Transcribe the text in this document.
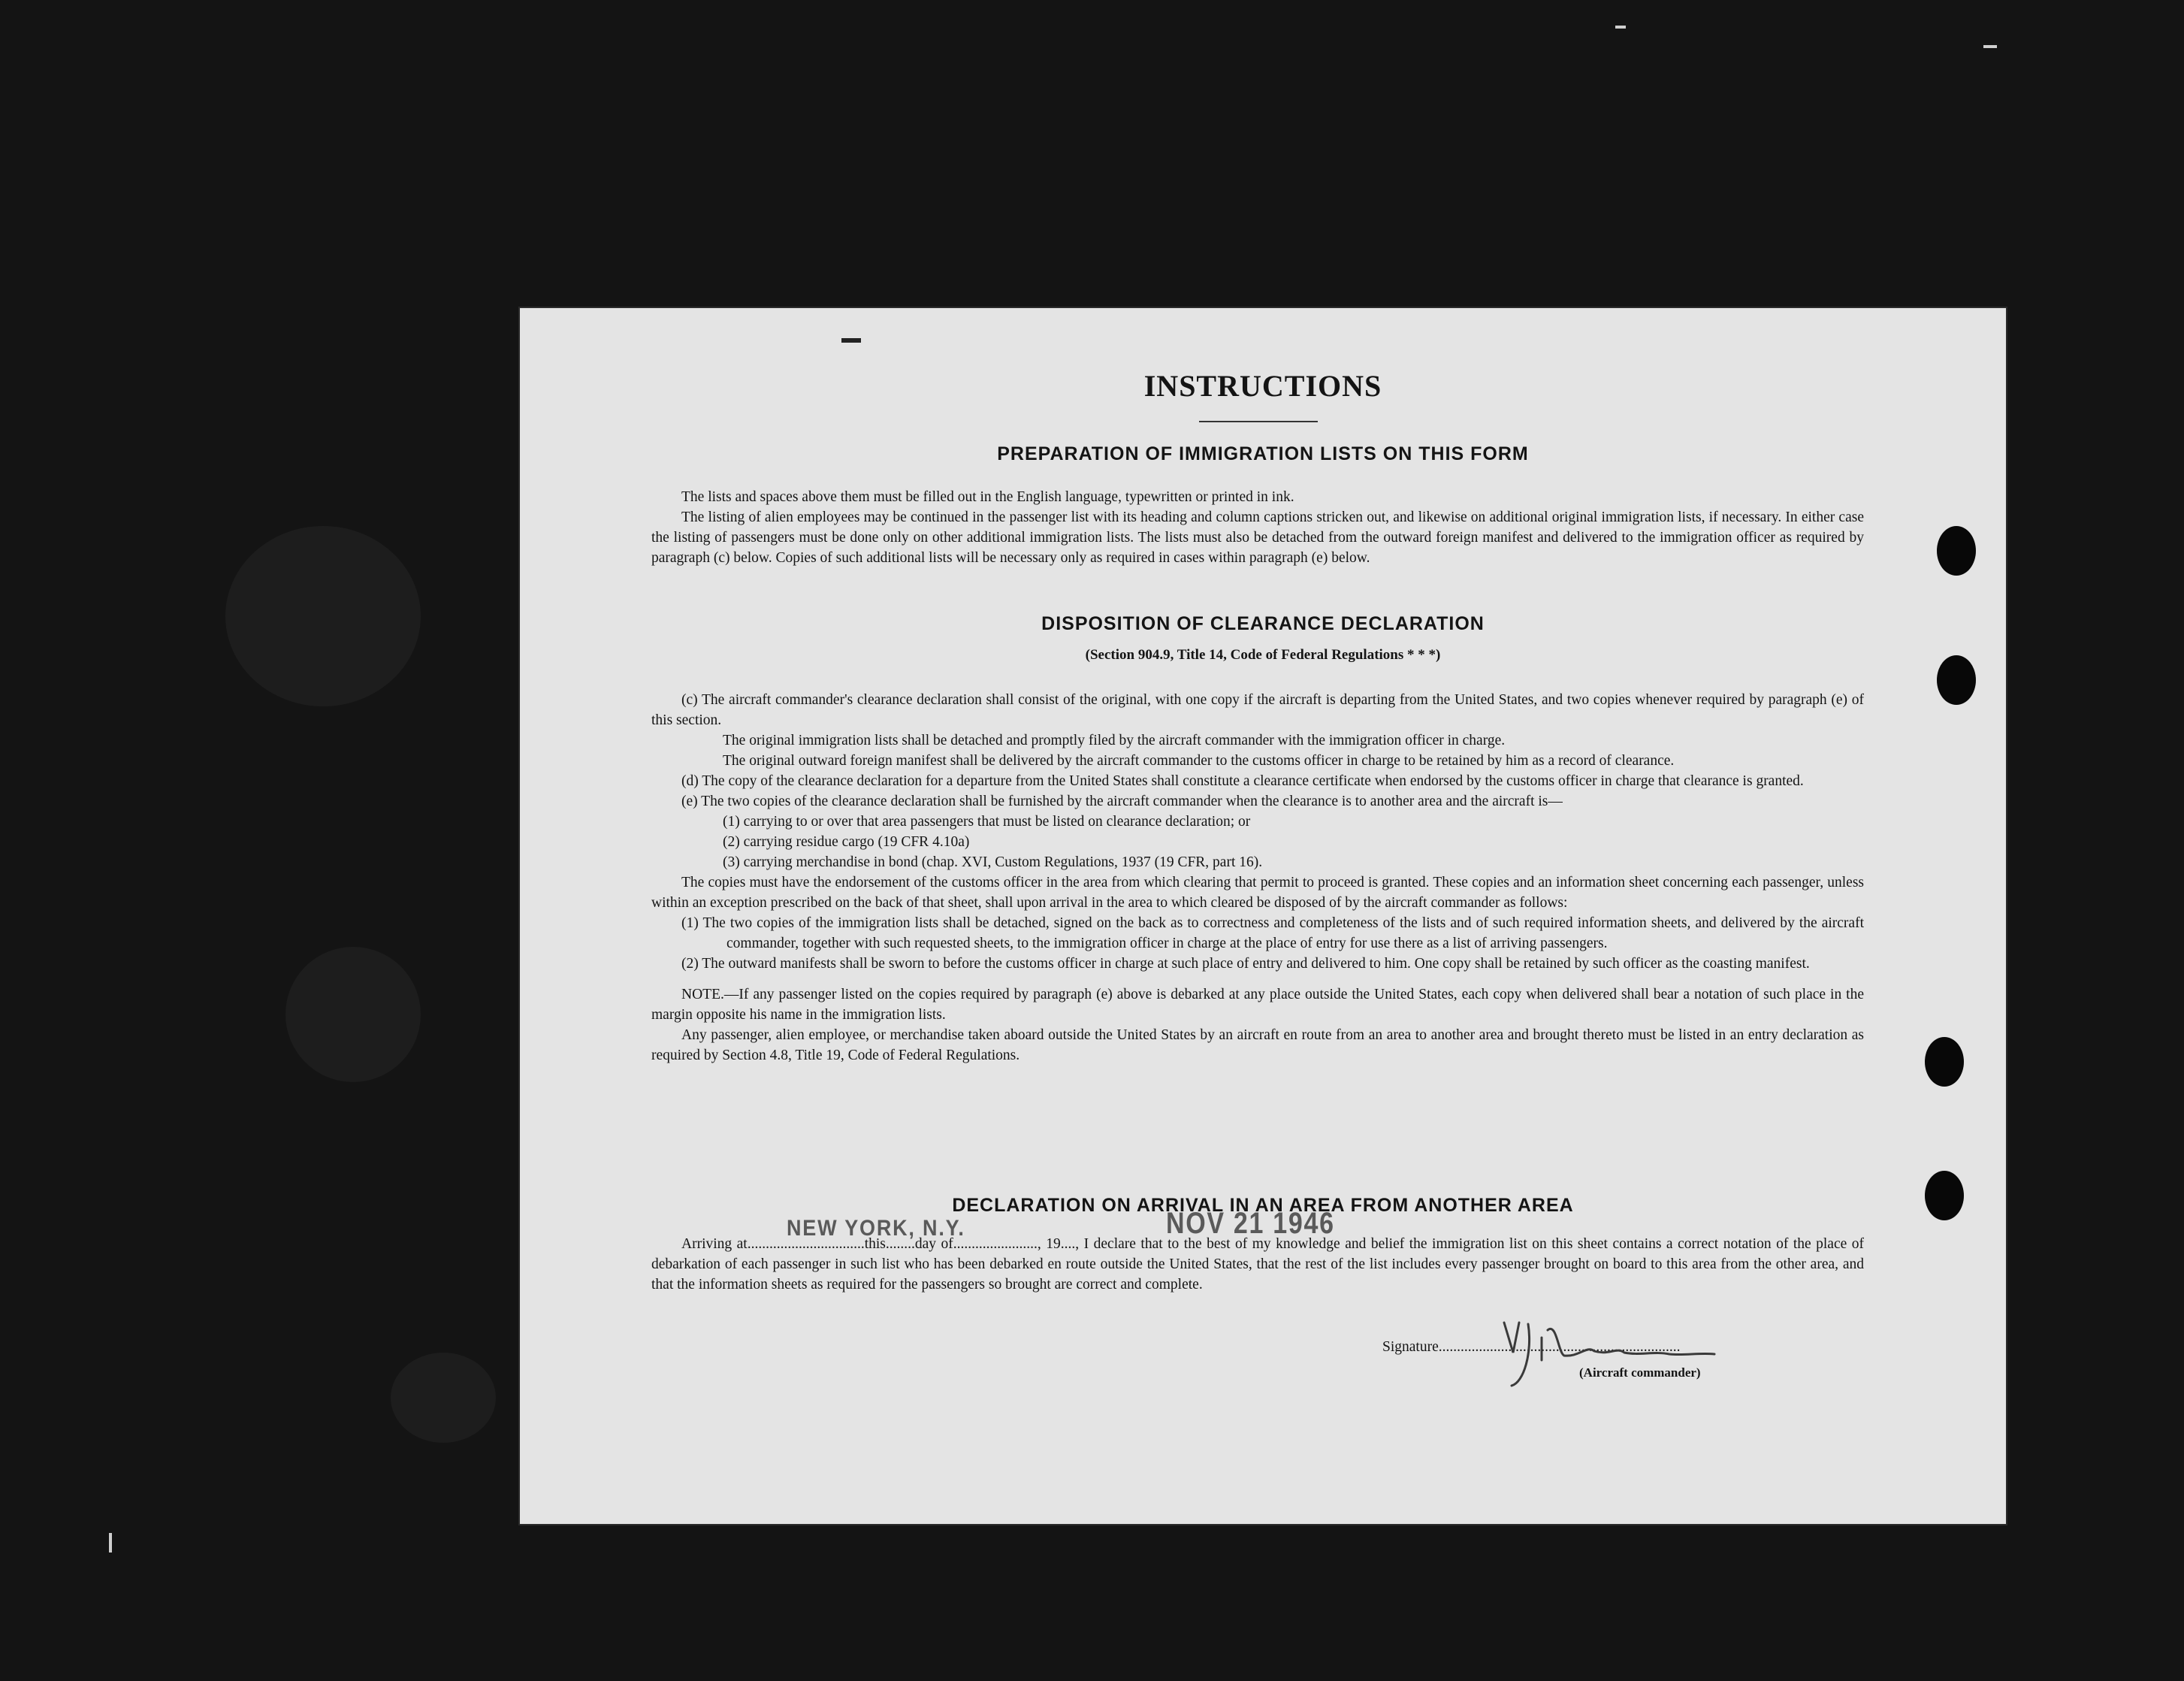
INSTRUCTIONS
PREPARATION OF IMMIGRATION LISTS ON THIS FORM

The lists and spaces above them must be filled out in the English language, typewritten or printed in ink.

The listing of alien employees may be continued in the passenger list with its heading and column captions stricken out, and likewise on additional original immigration lists, if necessary. In either case the listing of passengers must be done only on other additional immigration lists. The lists must also be detached from the outward foreign manifest and delivered to the immigration officer as required by paragraph (c) below. Copies of such additional lists will be necessary only as required in cases within paragraph (e) below.

DISPOSITION OF CLEARANCE DECLARATION
(Section 904.9, Title 14, Code of Federal Regulations * * *)

(c) The aircraft commander's clearance declaration shall consist of the original, with one copy if the aircraft is departing from the United States, and two copies whenever required by paragraph (e) of this section.

The original immigration lists shall be detached and promptly filed by the aircraft commander with the immigration officer in charge.

The original outward foreign manifest shall be delivered by the aircraft commander to the customs officer in charge to be retained by him as a record of clearance.

(d) The copy of the clearance declaration for a departure from the United States shall constitute a clearance certificate when endorsed by the customs officer in charge that clearance is granted.

(e) The two copies of the clearance declaration shall be furnished by the aircraft commander when the clearance is to another area and the aircraft is—

(1) carrying to or over that area passengers that must be listed on clearance declaration; or

(2) carrying residue cargo (19 CFR 4.10a)

(3) carrying merchandise in bond (chap. XVI, Custom Regulations, 1937 (19 CFR, part 16).

The copies must have the endorsement of the customs officer in the area from which clearing that permit to proceed is granted. These copies and an information sheet concerning each passenger, unless within an exception prescribed on the back of that sheet, shall upon arrival in the area to which cleared be disposed of by the aircraft commander as follows:

(1) The two copies of the immigration lists shall be detached, signed on the back as to correctness and completeness of the lists and of such required information sheets, and delivered by the aircraft commander, together with such requested sheets, to the immigration officer in charge at the place of entry for use there as a list of arriving passengers.

(2) The outward manifests shall be sworn to before the customs officer in charge at such place of entry and delivered to him. One copy shall be retained by such officer as the coasting manifest.

NOTE.—If any passenger listed on the copies required by paragraph (e) above is debarked at any place outside the United States, each copy when delivered shall bear a notation of such place in the margin opposite his name in the immigration lists.

Any passenger, alien employee, or merchandise taken aboard outside the United States by an aircraft en route from an area to another area and brought thereto must be listed in an entry declaration as required by Section 4.8, Title 19, Code of Federal Regulations.

DECLARATION ON ARRIVAL IN AN AREA FROM ANOTHER AREA

Arriving at................................this........day of......................., 19...., I declare that to the best of my knowledge and belief the immigration list on this sheet contains a correct notation of the place of debarkation of each passenger in such list who has been debarked en route outside the United States, that the rest of the list includes every passenger brought on board to this area from the other area, and that the information sheets as required for the passengers so brought are correct and complete.

NEW YORK, N.Y.	NOV 21 1946
Signature..................................................................
(Aircraft commander)
